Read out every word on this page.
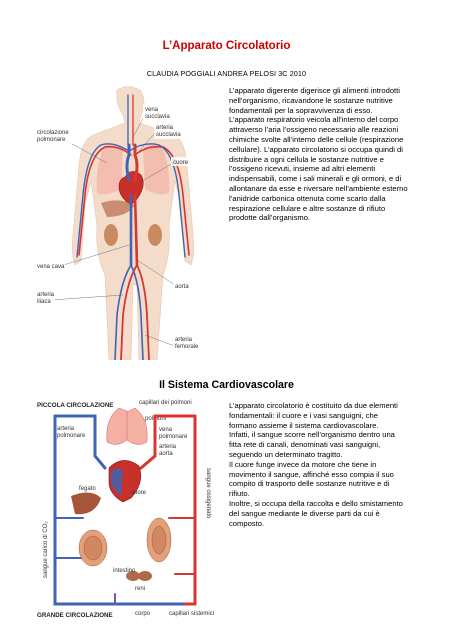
L’Apparato Circolatorio
CLAUDIA POGGIALI ANDREA PELOSI 3C 2010
vena
succlavia
arteria
succlavia
circolazione
polmonare
cuore
vena cava
arteria
iliaca
aorta
arteria
femorale
L’apparato digerente digerisce gli alimenti introdotti nell’organismo, ricavandone le sostanze nutritive fondamentali per la sopravvivenza di esso. L’apparato respiratorio veicola all’interno del corpo attraverso l’aria l’ossigeno necessario alle reazioni chimiche svolte all’interno delle cellule (respirazione cellulare). L’apparato circolatorio si occupa quindi di distribuire a ogni cellula le sostanze nutritive e l’ossigeno ricevuti, insieme ad altri elementi indispensabili, come i sali minerali e gli ormoni, e di allontanare da esse e riversare nell’ambiente esterno l’anidride carbonica ottenuta come scarto dalla respirazione cellulare e altre sostanze di rifiuto prodotte dall’organismo.
Il Sistema Cardiovascolare
PICCOLA CIRCOLAZIONE	capillari dei polmoni
polmoni
arteria
polmonare
vena
polmonare
arteria
aorta
fegato
cuore
intestino
reni
sangue carico di CO₂
sangue ossigenato
GRANDE CIRCOLAZIONE	corpo	capillari sistemici

L’apparato circolatorio è costituito da due elementi fondamentali: il cuore e i vasi sanguigni, che formano assieme il sistema cardiovascolare.

Infatti, il sangue scorre nell’organismo dentro una fitta rete di canali, denominati vasi sanguigni, seguendo un determinato tragitto.

Il cuore funge invece da motore che tiene in movimento il sangue, affinché esso compia il suo compito di trasporto delle sostanze nutritive e di rifiuto.

Inoltre, si occupa della raccolta e dello smistamento del sangue mediante le diverse parti da cui è composto.
